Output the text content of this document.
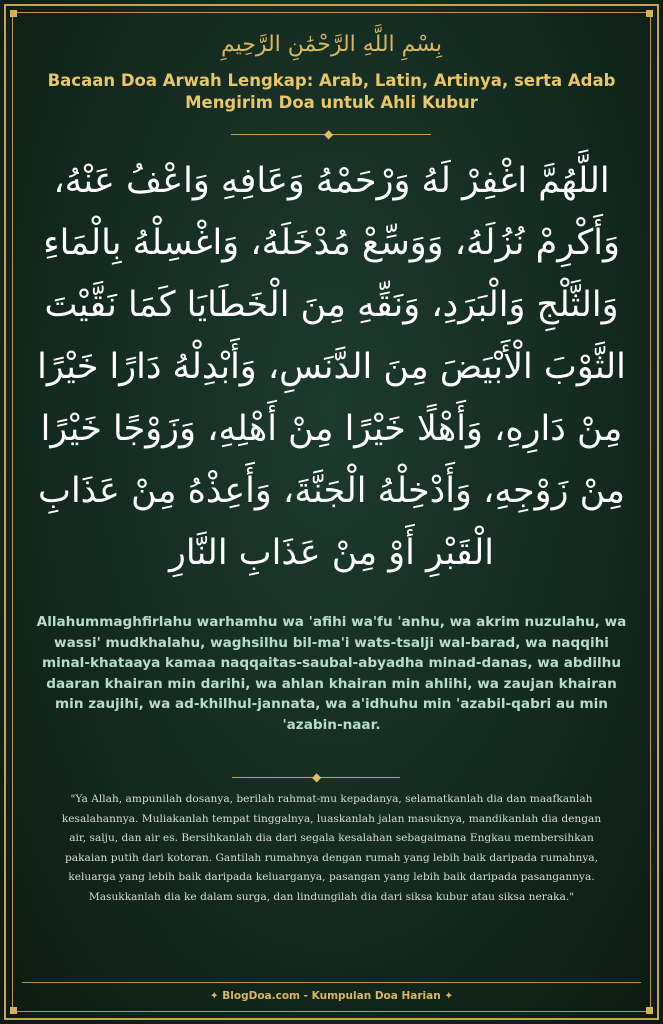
بِسْمِ اللَّهِ الرَّحْمَٰنِ الرَّحِيمِ
Bacaan Doa Arwah Lengkap: Arab, Latin, Artinya, serta Adab Mengirim Doa untuk Ahli Kubur
◆
اللَّهُمَّ اغْفِرْ لَهُ وَرْحَمْهُ وَعَافِهِ وَاعْفُ عَنْهُ، وَأَكْرِمْ نُزُلَهُ، وَوَسِّعْ مُدْخَلَهُ، وَاغْسِلْهُ بِالْمَاءِ وَالثَّلْجِ وَالْبَرَدِ، وَنَقِّهِ مِنَ الْخَطَايَا كَمَا نَقَّيْتَ الثَّوْبَ الْأَبْيَضَ مِنَ الدَّنَسِ، وَأَبْدِلْهُ دَارًا خَيْرًا مِنْ دَارِهِ، وَأَهْلًا خَيْرًا مِنْ أَهْلِهِ، وَزَوْجًا خَيْرًا مِنْ زَوْجِهِ، وَأَدْخِلْهُ الْجَنَّةَ، وَأَعِذْهُ مِنْ عَذَابِ الْقَبْرِ أَوْ مِنْ عَذَابِ النَّارِ
Allahummaghfirlahu warhamhu wa 'afihi wa'fu 'anhu, wa akrim nuzulahu, wa wassi' mudkhalahu, waghsilhu bil-ma'i wats-tsalji wal-barad, wa naqqihi minal-khataaya kamaa naqqaitas-saubal-abyadha minad-danas, wa abdilhu daaran khairan min darihi, wa ahlan khairan min ahlihi, wa zaujan khairan min zaujihi, wa ad-khilhul-jannata, wa a'idhuhu min 'azabil-qabri au min 'azabin-naar.
◆
"Ya Allah, ampunilah dosanya, berilah rahmat-mu kepadanya, selamatkanlah dia dan maafkanlah kesalahannya. Muliakanlah tempat tinggalnya, luaskanlah jalan masuknya, mandikanlah dia dengan air, salju, dan air es. Bersihkanlah dia dari segala kesalahan sebagaimana Engkau membersihkan pakaian putih dari kotoran. Gantilah rumahnya dengan rumah yang lebih baik daripada rumahnya, keluarga yang lebih baik daripada keluarganya, pasangan yang lebih baik daripada pasangannya. Masukkanlah dia ke dalam surga, dan lindungilah dia dari siksa kubur atau siksa neraka."
✦ BlogDoa.com - Kumpulan Doa Harian ✦
